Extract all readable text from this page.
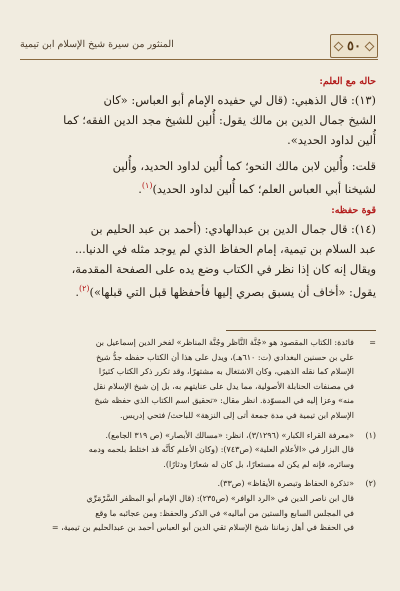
٥٠
المنثور من سيرة شيخ الإسلام ابن تيمية
حاله مع العلم:

(١٣): قال الذهبي: (قال لي حفيده الإمام أبو العباس: «كان

الشيخ جمال الدين بن مالك يقول: أُلين للشيخ مجد الدين الفقه؛ كما

أُلين لداود الحديد».

قلت: وأُلين لابن مالك النحو؛ كما أُلين لداود الحديد، وأُلين

لشيخنا أبي العباس العلم؛ كما أُلين لداود الحديد)$^{(١)}$.

قوة حفظه:

(١٤): قال جمال الدين بن عبدالهادي: (أحمد بن عبد الحليم بن

عبد السلام بن تيمية، إمام الحفاظ الذي لم يوجد مثله في الدنيا...

ويقال إنه كان إذا نظر في الكتاب وضع يده على الصفحة المقدمة،

يقول: «أخاف أن يسبق بصري إليها فأحفظها قبل التي قبلها»)$^{(٢)}$.

=

فائدة: الكتاب المقصود هو «جُنَّة النَّاظر وجُنَّة المناظر» لفخر الدين إسماعيل بن

علي بن حسنين البغدادي (ت: ٦١٠هـ)، ويدل على هذا أن الكتاب حفظه جدُّ شيخ

الإسلام كما نقله الذهبي، وكان الاشتغال به مشتهرًا، وقد تكرر ذكر الكتاب كثيرًا

في مصنفات الحنابلة الأصولية، مما يدل على عنايتهم به، بل إن شيخ الإسلام نقل

منه» وعزا إليه في المسوّدة. انظر مقال: «تحقيق اسم الكتاب الذي حفظه شيخ

الإسلام ابن تيمية في مدة جمعة أتى إلى النزهة» للباحث/ فتحي إدريس.

(١)

«معرفة القراء الكبار» (٣/١٢٩٦)، انظر: «مسالك الأبصار» (ص ٣١٩ الجامع).

قال البزار في «الأعلام العلية» (ص٧٤٣): (وكان الأعلم كأنَّه قد اختلط بلحمه ودمه

وسائره، فإنه لم يكن له مستعارًا، بل كان له شعارًا ودثارًا).

(٢)

«تذكرة الحفاظ وتبصرة الأيقاظ» (ص٣٣).

قال ابن ناصر الدين في «الرد الوافر» (ص٢٣٥): (قال الإمام أبو المظفر السَّرْمَرِّي

في المجلس السابع والستين من أماليه» في الذكر والحفظ: ومن عجائبه ما وقع

في الحفظ في أهل زماننا شيخ الإسلام تقي الدين أبو العباس أحمد بن عبدالحليم بن تيمية، =
